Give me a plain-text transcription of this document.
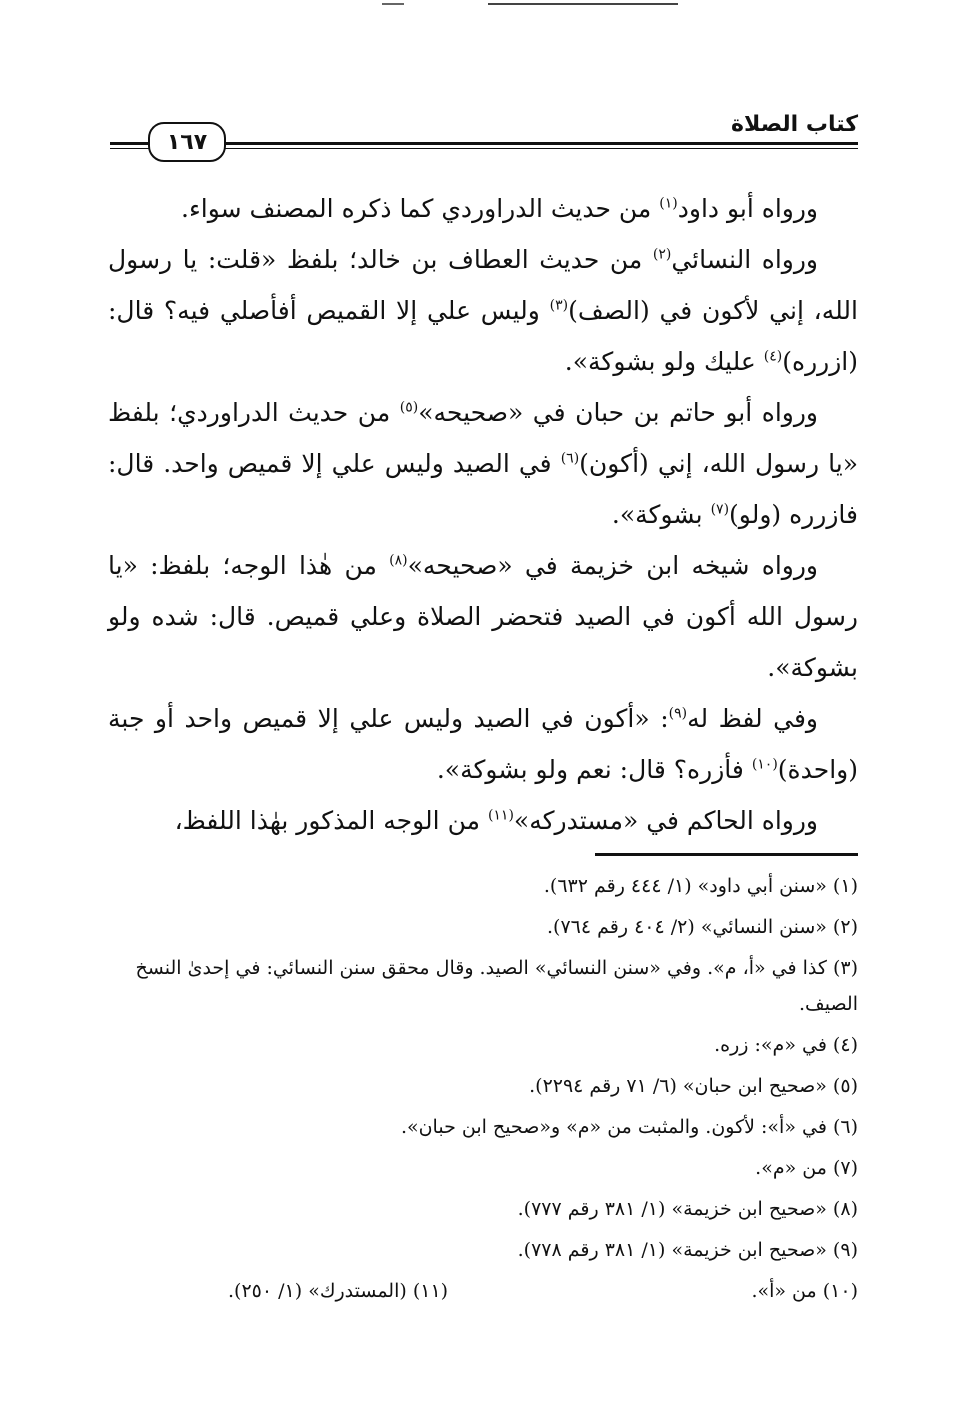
كتاب الصلاة
١٦٧

ورواه أبو داود$^{(١)}$ من حديث الدراوردي كما ذكره المصنف سواء.

ورواه النسائي$^{(٢)}$ من حديث العطاف بن خالد؛ بلفظ «قلت: يا رسول الله، إني لأكون في (الصف)$^{(٣)}$ وليس علي إلا القميص أفأصلي فيه؟ قال: (ازرره)$^{(٤)}$ عليك ولو بشوكة».

ورواه أبو حاتم بن حبان في «صحيحه»$^{(٥)}$ من حديث الدراوردي؛ بلفظ «يا رسول الله، إني (أكون)$^{(٦)}$ في الصيد وليس علي إلا قميص واحد. قال: فازرره (ولو)$^{(٧)}$ بشوكة».

ورواه شيخه ابن خزيمة في «صحيحه»$^{(٨)}$ من هٰذا الوجه؛ بلفظ: «يا رسول الله أكون في الصيد فتحضر الصلاة وعلي قميص. قال: شده ولو بشوكة».

وفي لفظ له$^{(٩)}$: «أكون في الصيد وليس علي إلا قميص واحد أو جبة (واحدة)$^{(١٠)}$ فأزره؟ قال: نعم ولو بشوكة».

ورواه الحاكم في «مستدركه»$^{(١١)}$ من الوجه المذكور بهٰذا اللفظ،

(١) «سنن أبي داود» (١/ ٤٤٤ رقم ٦٣٢).

(٢) «سنن النسائي» (٢/ ٤٠٤ رقم ٧٦٤).

(٣) كذا في «أ، م». وفي «سنن النسائي» الصيد. وقال محقق سنن النسائي: في إحدىٰ النسخ الصيف.

(٤) في «م»: زره.

(٥) «صحيح ابن حبان» (٦/ ٧١ رقم ٢٢٩٤).

(٦) في «أ»: لأكون. والمثبت من «م» و«صحيح ابن حبان».

(٧) من «م».

(٨) «صحيح ابن خزيمة» (١/ ٣٨١ رقم ٧٧٧).

(٩) «صحيح ابن خزيمة» (١/ ٣٨١ رقم ٧٧٨).

(١٠) من «أ».
(١١) (المستدرك» (١/ ٢٥٠).
